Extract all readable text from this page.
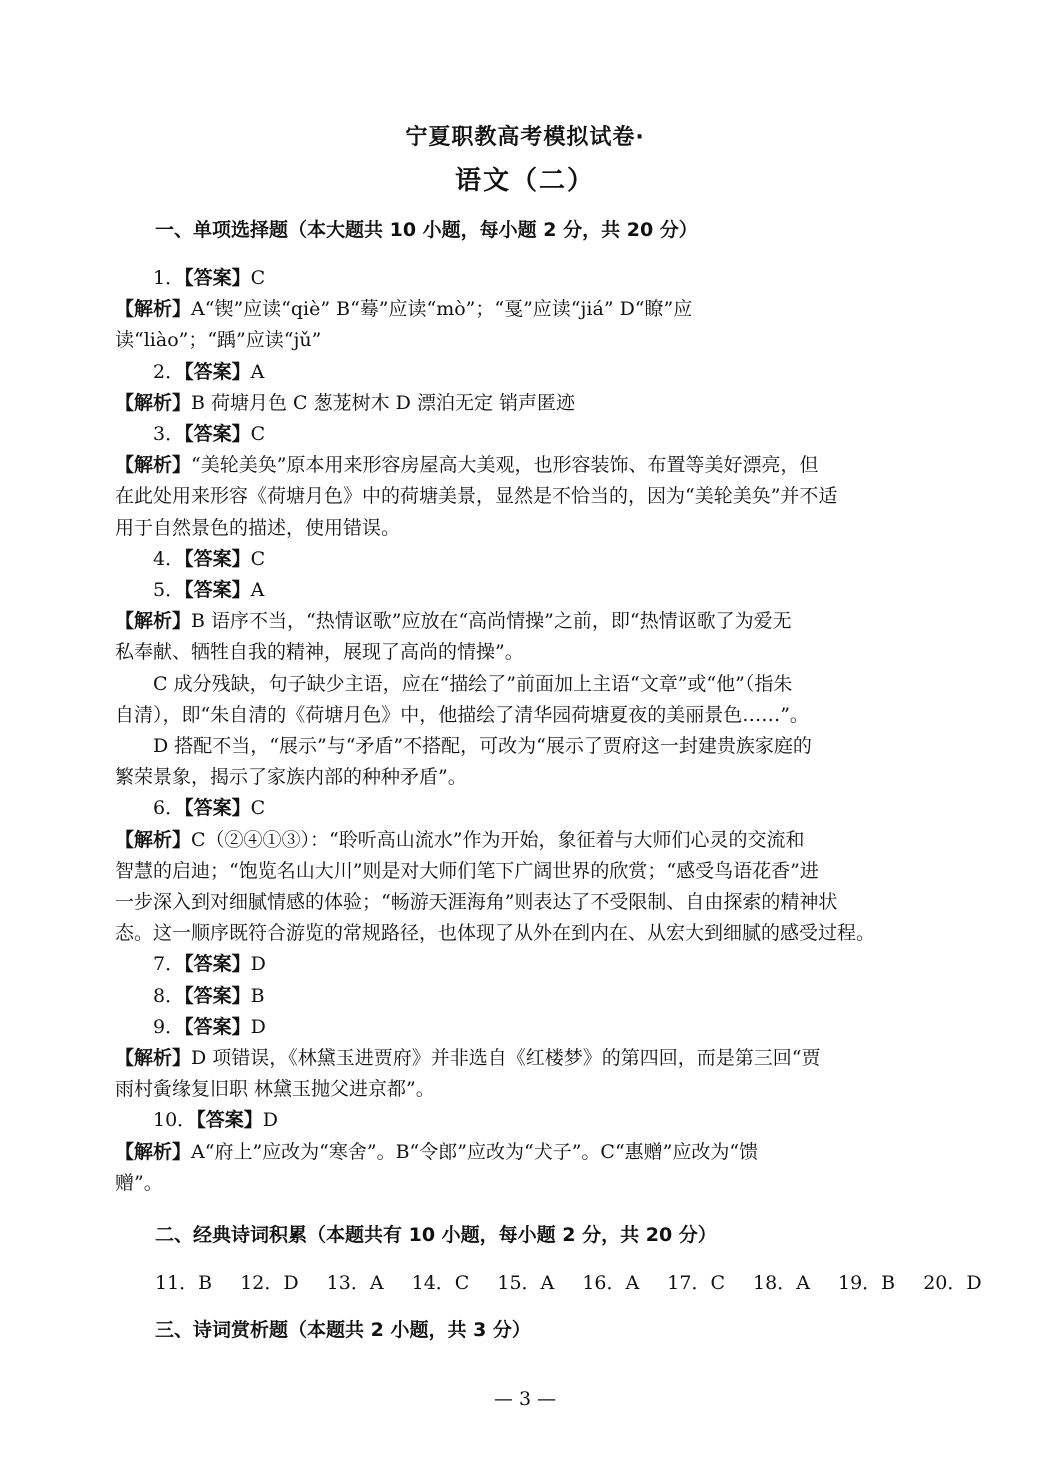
宁夏职教高考模拟试卷·
语文（二）
一、单项选择题（本大题共 10 小题，每小题 2 分，共 20 分）

1．【答案】C

【解析】A“锲”应读“qiè” B“蓦”应读“mò”；“戛”应读“jiá” D“瞭”应

读“liào”；“踽”应读“jǔ”

2．【答案】A

【解析】B 荷塘月色 C 葱茏树木 D 漂泊无定 销声匿迹

3．【答案】C

【解析】“美轮美奂”原本用来形容房屋高大美观，也形容装饰、布置等美好漂亮，但

在此处用来形容《荷塘月色》中的荷塘美景，显然是不恰当的，因为“美轮美奂”并不适

用于自然景色的描述，使用错误。

4．【答案】C

5．【答案】A

【解析】B 语序不当，“热情讴歌”应放在“高尚情操”之前，即“热情讴歌了为爱无

私奉献、牺牲自我的精神，展现了高尚的情操”。

C 成分残缺，句子缺少主语，应在“描绘了”前面加上主语“文章”或“他”（指朱

自清），即“朱自清的《荷塘月色》中，他描绘了清华园荷塘夏夜的美丽景色……”。

D 搭配不当，“展示”与“矛盾”不搭配，可改为“展示了贾府这一封建贵族家庭的

繁荣景象，揭示了家族内部的种种矛盾”。

6．【答案】C

【解析】C（②④①③）：“聆听高山流水”作为开始，象征着与大师们心灵的交流和

智慧的启迪；“饱览名山大川”则是对大师们笔下广阔世界的欣赏；“感受鸟语花香”进

一步深入到对细腻情感的体验；“畅游天涯海角”则表达了不受限制、自由探索的精神状

态。这一顺序既符合游览的常规路径，也体现了从外在到内在、从宏大到细腻的感受过程。

7．【答案】D

8．【答案】B

9．【答案】D

【解析】D 项错误，《林黛玉进贾府》并非选自《红楼梦》的第四回，而是第三回“贾

雨村夤缘复旧职 林黛玉抛父进京都”。

10．【答案】D

【解析】A“府上”应改为“寒舍”。B“令郎”应改为“犬子”。C“惠赠”应改为“馈

赠”。

二、经典诗词积累（本题共有 10 小题，每小题 2 分，共 20 分）
11．B 12．D 13．A 14．C 15．A 16．A 17．C 18．A 19．B 20．D
三、诗词赏析题（本题共 2 小题，共 3 分）
— 3 —
